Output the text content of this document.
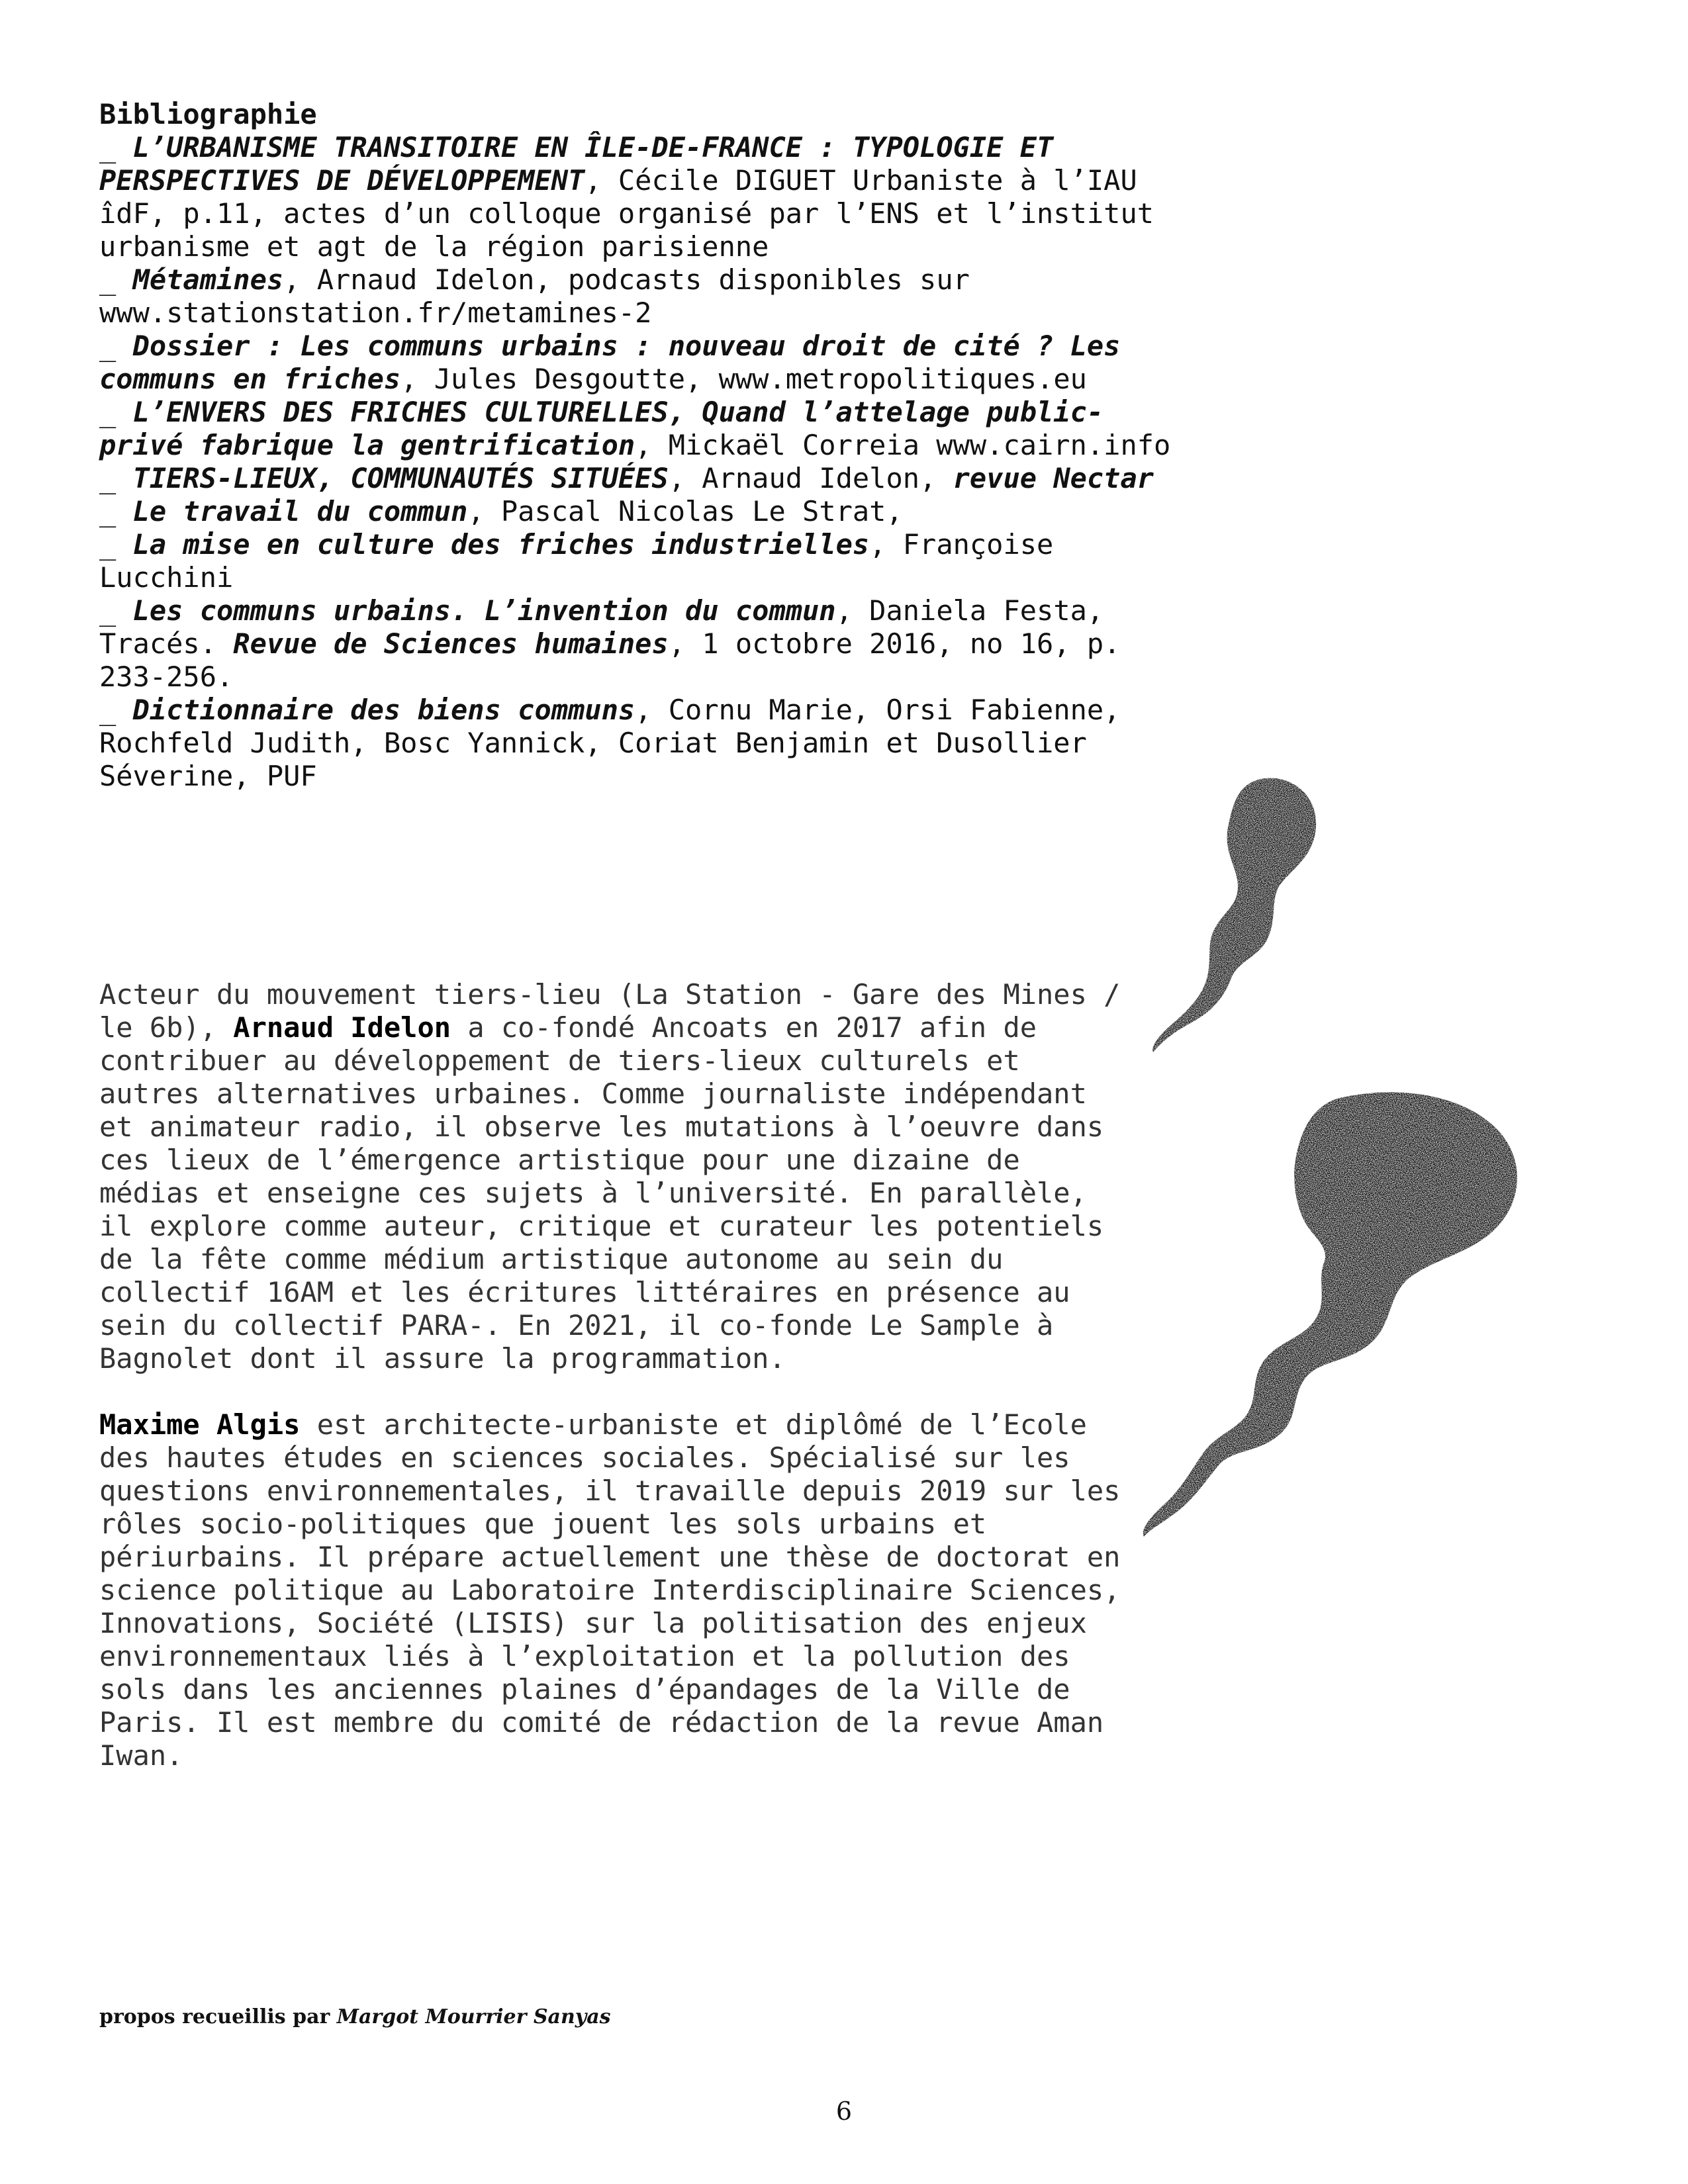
Bibliographie
_ L’URBANISME TRANSITOIRE EN ÎLE-DE-FRANCE : TYPOLOGIE ET PERSPECTIVES DE DÉVELOPPEMENT, Cécile DIGUET Urbaniste à l’IAU îdF, p.11, actes d’un colloque organisé par l’ENS et l’institut urbanisme et agt de la région parisienne
_ Métamines, Arnaud Idelon, podcasts disponibles sur www.stationstation.fr/metamines-2
_ Dossier : Les communs urbains : nouveau droit de cité ? Les communs en friches, Jules Desgoutte, www.metropolitiques.eu
_ L’ENVERS DES FRICHES CULTURELLES, Quand l’attelage public-privé fabrique la gentrification, Mickaël Correia www.cairn.info
_ TIERS-LIEUX, COMMUNAUTÉS SITUÉES, Arnaud Idelon, revue Nectar
_ Le travail du commun, Pascal Nicolas Le Strat,
_ La mise en culture des friches industrielles, Françoise Lucchini
_ Les communs urbains. L’invention du commun, Daniela Festa, Tracés. Revue de Sciences humaines, 1 octobre 2016, no 16, p. 233-256.
_ Dictionnaire des biens communs, Cornu Marie, Orsi Fabienne, Rochfeld Judith, Bosc Yannick, Coriat Benjamin et Dusollier Séverine, PUF

Acteur du mouvement tiers-lieu (La Station - Gare des Mines / le 6b), Arnaud Idelon a co-fondé Ancoats en 2017 afin de contribuer au développement de tiers-lieux culturels et autres alternatives urbaines. Comme journaliste indépendant et animateur radio, il observe les mutations à l’oeuvre dans ces lieux de l’émergence artistique pour une dizaine de médias et enseigne ces sujets à l’université. En parallèle, il explore comme auteur, critique et curateur les potentiels de la fête comme médium artistique autonome au sein du collectif 16AM et les écritures littéraires en présence au sein du collectif PARA-. En 2021, il co-fonde Le Sample à Bagnolet dont il assure la programmation.

Maxime Algis est architecte-urbaniste et diplômé de l’Ecole des hautes études en sciences sociales. Spécialisé sur les questions environnementales, il travaille depuis 2019 sur les rôles socio-politiques que jouent les sols urbains et périurbains. Il prépare actuellement une thèse de doctorat en science politique au Laboratoire Interdisciplinaire Sciences, Innovations, Société (LISIS) sur la politisation des enjeux environnementaux liés à l’exploitation et la pollution des sols dans les anciennes plaines d’épandages de la Ville de Paris. Il est membre du comité de rédaction de la revue Aman Iwan.

propos recueillis par Margot Mourrier Sanyas
6
